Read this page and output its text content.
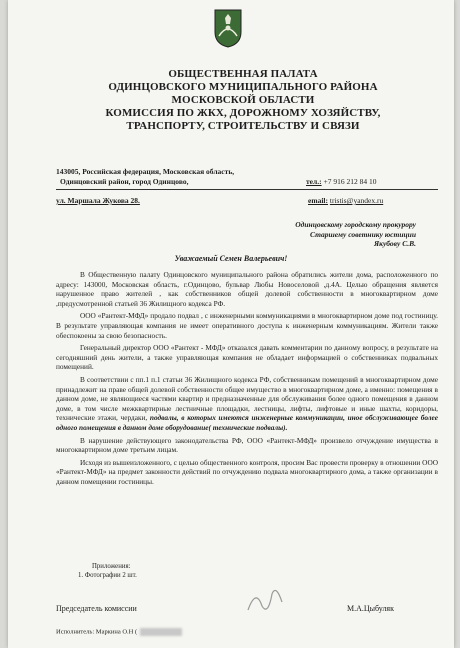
ОБЩЕСТВЕННАЯ ПАЛАТА
ОДИНЦОВСКОГО МУНИЦИПАЛЬНОГО РАЙОНА
МОСКОВСКОЙ ОБЛАСТИ
КОМИССИЯ ПО ЖКХ, ДОРОЖНОМУ ХОЗЯЙСТВУ,
ТРАНСПОРТУ, СТРОИТЕЛЬСТВУ И СВЯЗИ
143005, Российская федерация, Московская область,
Одинцовский район, город Одинцово,	тел.: +7 916 212 84 10
ул. Маршала Жукова 28.	email: tristis@yandex.ru
Одинцовскому городскому прокурору
Старшему советнику юстиции
Якубову С.В.
Уважаемый Семен Валерьевич!

В Общественную палату Одинцовского муниципального района обратились жители дома, расположенного по адресу: 143000, Московская область, г.Одинцово, бульвар Любы Новоселовой ,д.4А. Целью обращения является нарушенное право жителей , как собственников общей долевой собственности в многоквартирном доме ,предусмотренной статьей 36 Жилищного кодекса РФ.

ООО «Рантект-МФД» продало подвал , с инженерными коммуникациями в многоквартирном доме под гостиницу. В результате управляющая компания не имеет оперативного доступа к инженерным коммуникациям. Жители также обеспокоены за свою безопасность.

Генеральный директор ООО «Рантект - МФД» отказался давать комментарии по данному вопросу, в результате на сегодняшний день жители, а также управляющая компания не обладает информацией о собственниках подвальных помещений.

В соответствии с пп.1 п.1 статьи 36 Жилищного кодекса РФ, собственникам помещений в многоквартирном доме принадлежит на праве общей долевой собственности общее имущество в многоквартирном доме, а именно: помещения в данном доме, не являющиеся частями квартир и предназначенные для обслуживания более одного помещения в данном доме, в том числе межквартирные лестничные площадки, лестницы, лифты, лифтовые и иные шахты, коридоры, технические этажи, чердаки, подвалы, в которых имеются инженерные коммуникации, иное обслуживающее более одного помещения в данном доме оборудование( технические подвалы).

В нарушение действующего законодательства РФ, ООО «Рантект-МФД» произвело отчуждение имущества в многоквартирном доме третьим лицам.

Исходя из вышеизложенного, с целью общественного контроля, просим Вас провести проверку в отношении ООО «Рантект-МФД» на предмет законности действий по отчуждению подвала многоквартирного дома, а также организации в данном помещении гостиницы.

Приложения:
1. Фотографии 2 шт.
Председатель комиссии	М.А.Цыбуляк
Исполнитель: Маркина О.Н (
